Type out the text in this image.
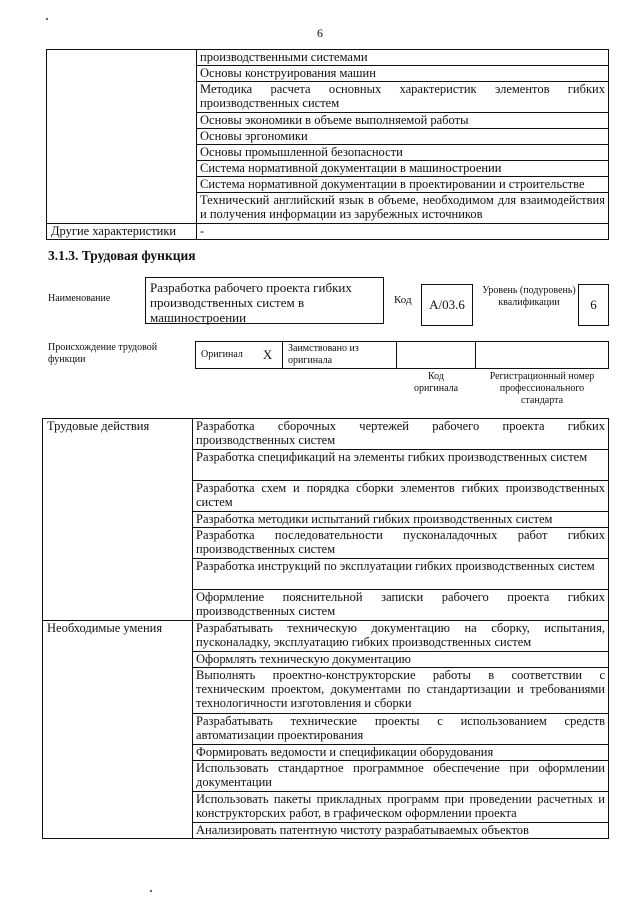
6
	производственными системами
	Основы конструирования машин
	Методика расчета основных характеристик элементов гибких производственных систем
	Основы экономики в объеме выполняемой работы
	Основы эргономики
	Основы промышленной безопасности
	Система нормативной документации в машиностроении
	Система нормативной документации в проектировании и строительстве
	Технический английский язык в объеме, необходимом для взаимодействия и получения информации из зарубежных источников
Другие характеристики	-
3.1.3. Трудовая функция
Наименование
Разработка рабочего проекта гибких производственных систем в машиностроении
Код	A/03.6
Уровень (подуровень) квалификации	6
Происхождение трудовой функции	Оригинал X	Заимствовано из оригинала
Код оригинала
Регистрационный номер профессионального стандарта
Трудовые действия	Разработка сборочных чертежей рабочего проекта гибких производственных систем
	Разработка спецификаций на элементы гибких производственных систем
	Разработка схем и порядка сборки элементов гибких производственных систем
	Разработка методики испытаний гибких производственных систем
	Разработка последовательности пусконаладочных работ гибких производственных систем
	Разработка инструкций по эксплуатации гибких производственных систем
	Оформление пояснительной записки рабочего проекта гибких производственных систем
Необходимые умения	Разрабатывать техническую документацию на сборку, испытания, пусконаладку, эксплуатацию гибких производственных систем
	Оформлять техническую документацию
	Выполнять проектно-конструкторские работы в соответствии с техническим проектом, документами по стандартизации и требованиями технологичности изготовления и сборки
	Разрабатывать технические проекты с использованием средств автоматизации проектирования
	Формировать ведомости и спецификации оборудования
	Использовать стандартное программное обеспечение при оформлении документации
	Использовать пакеты прикладных программ при проведении расчетных и конструкторских работ, в графическом оформлении проекта
	Анализировать патентную чистоту разрабатываемых объектов
